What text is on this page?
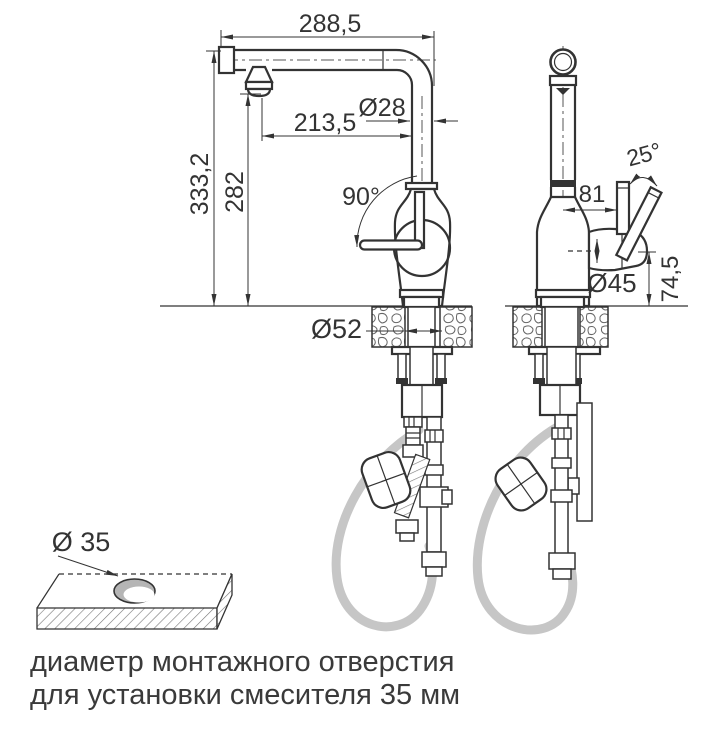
288,5
Ø28
213,5
333,2 282	90°
Ø52
25°
81
Ø45 74,5
Ø 35
диаметр монтажного отверстия
для установки смесителя 35 мм
